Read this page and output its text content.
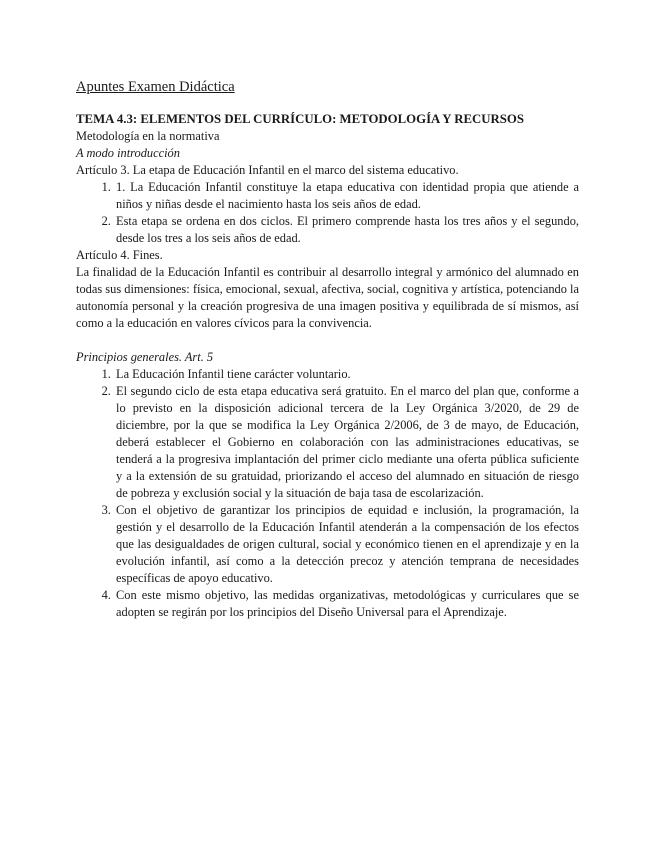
Apuntes Examen Didáctica

TEMA 4.3: ELEMENTOS DEL CURRÍCULO: METODOLOGÍA Y RECURSOS

Metodología en la normativa

A modo introducción

Artículo 3. La etapa de Educación Infantil en el marco del sistema educativo.

1. 1. La Educación Infantil constituye la etapa educativa con identidad propia que atiende a niños y niñas desde el nacimiento hasta los seis años de edad.
2. Esta etapa se ordena en dos ciclos. El primero comprende hasta los tres años y el segundo, desde los tres a los seis años de edad.

Artículo 4. Fines.

La finalidad de la Educación Infantil es contribuir al desarrollo integral y armónico del alumnado en todas sus dimensiones: física, emocional, sexual, afectiva, social, cognitiva y artística, potenciando la autonomía personal y la creación progresiva de una imagen positiva y equilibrada de sí mismos, así como a la educación en valores cívicos para la convivencia.

Principios generales. Art. 5

1. La Educación Infantil tiene carácter voluntario.
2. El segundo ciclo de esta etapa educativa será gratuito. En el marco del plan que, conforme a lo previsto en la disposición adicional tercera de la Ley Orgánica 3/2020, de 29 de diciembre, por la que se modifica la Ley Orgánica 2/2006, de 3 de mayo, de Educación, deberá establecer el Gobierno en colaboración con las administraciones educativas, se tenderá a la progresiva implantación del primer ciclo mediante una oferta pública suficiente y a la extensión de su gratuidad, priorizando el acceso del alumnado en situación de riesgo de pobreza y exclusión social y la situación de baja tasa de escolarización.
3. Con el objetivo de garantizar los principios de equidad e inclusión, la programación, la gestión y el desarrollo de la Educación Infantil atenderán a la compensación de los efectos que las desigualdades de origen cultural, social y económico tienen en el aprendizaje y en la evolución infantil, así como a la detección precoz y atención temprana de necesidades específicas de apoyo educativo.
4. Con este mismo objetivo, las medidas organizativas, metodológicas y curriculares que se adopten se regirán por los principios del Diseño Universal para el Aprendizaje.
